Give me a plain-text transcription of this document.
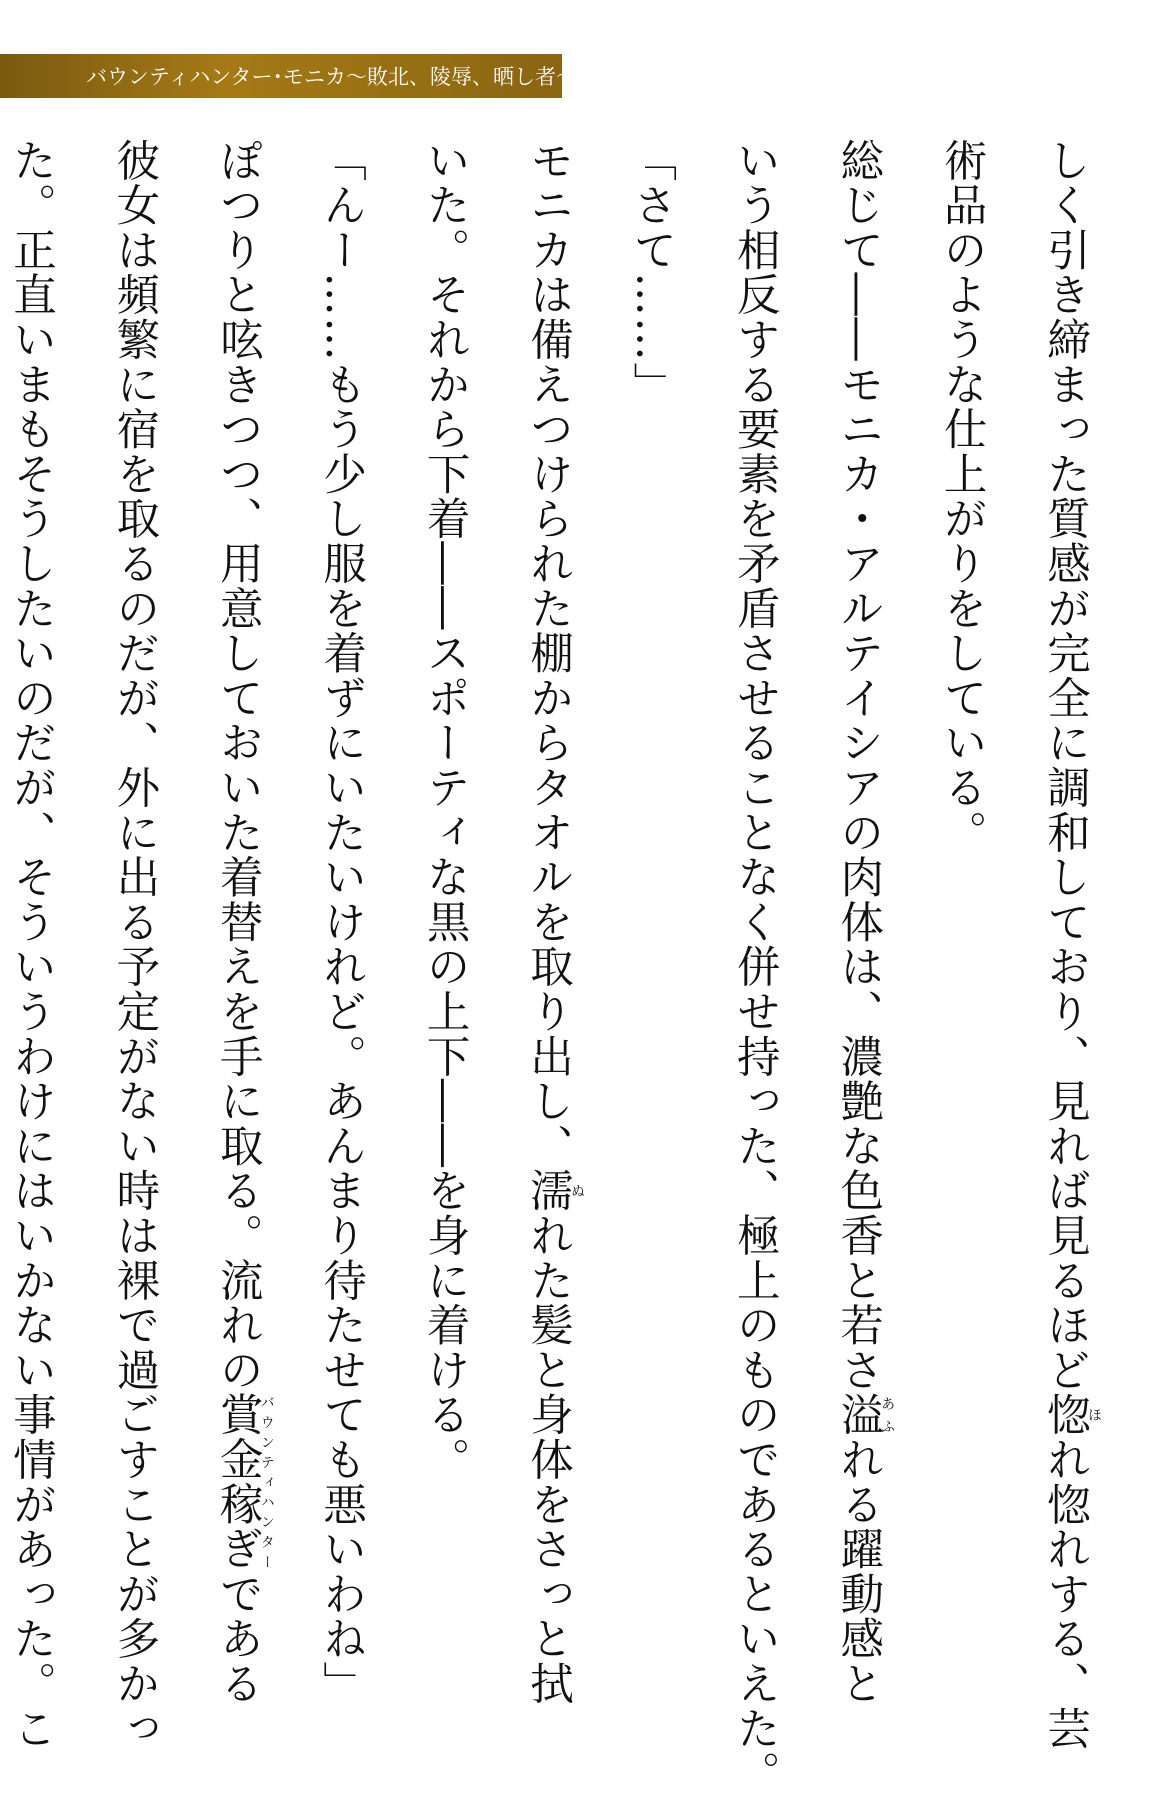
バウンティハンター･モニカ～敗北、陵辱、晒し者～
しく引き締まった質感が完全に調和しており、見れば見るほど惚ほれ惚れする、芸
術品のような仕上がりをしている。
総じて――モニカ・アルテイシアの肉体は、濃艶な色香と若さ溢あふれる躍動感と
いう相反する要素を矛盾させることなく併せ持った、極上のものであるといえた。
「さて……」
モニカは備えつけられた棚からタオルを取り出し、濡ぬれた髪と身体をさっと拭
いた。それから下着――スポーティな黒の上下――を身に着ける。
「んー……もう少し服を着ずにいたいけれど。あんまり待たせても悪いわね」
ぽつりと呟きつつ、用意しておいた着替えを手に取る。流れの賞金稼ぎバウンティハンターである
彼女は頻繁に宿を取るのだが、外に出る予定がない時は裸で過ごすことが多かっ
た。正直いまもそうしたいのだが、そういうわけにはいかない事情があった。こ
